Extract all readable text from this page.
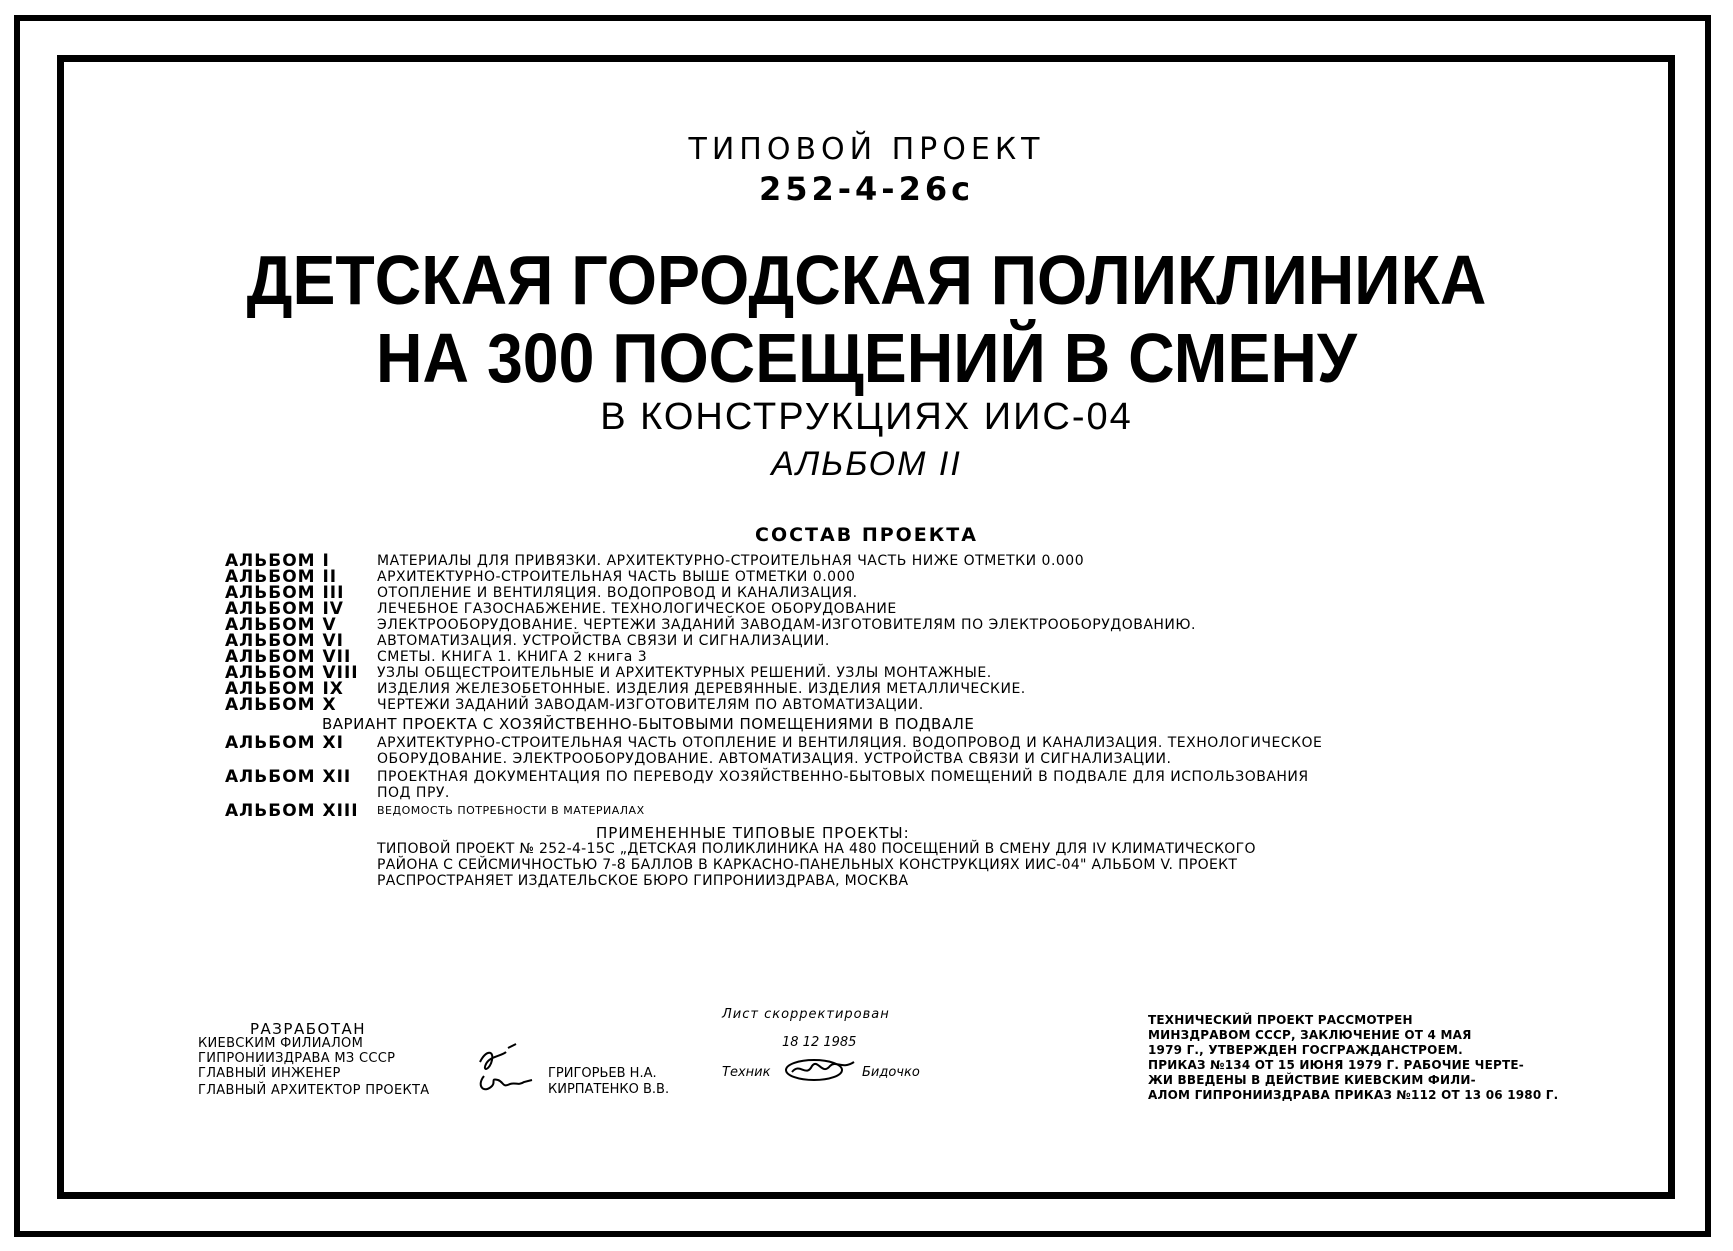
ТИПОВОЙ ПРОЕКТ
252-4-26с
ДЕТСКАЯ ГОРОДСКАЯ ПОЛИКЛИНИКА
НА 300 ПОСЕЩЕНИЙ В СМЕНУ
В КОНСТРУКЦИЯХ ИИС-04
АЛЬБОМ II
СОСТАВ ПРОЕКТА
АЛЬБОМ I	МАТЕРИАЛЫ ДЛЯ ПРИВЯЗКИ. АРХИТЕКТУРНО-СТРОИТЕЛЬНАЯ ЧАСТЬ НИЖЕ ОТМЕТКИ 0.000
АЛЬБОМ II	АРХИТЕКТУРНО-СТРОИТЕЛЬНАЯ ЧАСТЬ ВЫШЕ ОТМЕТКИ 0.000
АЛЬБОМ III	ОТОПЛЕНИЕ И ВЕНТИЛЯЦИЯ. ВОДОПРОВОД И КАНАЛИЗАЦИЯ.
АЛЬБОМ IV	ЛЕЧЕБНОЕ ГАЗОСНАБЖЕНИЕ. ТЕХНОЛОГИЧЕСКОЕ ОБОРУДОВАНИЕ
АЛЬБОМ V	ЭЛЕКТРООБОРУДОВАНИЕ. ЧЕРТЕЖИ ЗАДАНИЙ ЗАВОДАМ-ИЗГОТОВИТЕЛЯМ ПО ЭЛЕКТРООБОРУДОВАНИЮ.
АЛЬБОМ VI	АВТОМАТИЗАЦИЯ. УСТРОЙСТВА СВЯЗИ И СИГНАЛИЗАЦИИ.
АЛЬБОМ VII	СМЕТЫ. КНИГА 1. КНИГА 2 книга 3
АЛЬБОМ VIII	УЗЛЫ ОБЩЕСТРОИТЕЛЬНЫЕ И АРХИТЕКТУРНЫХ РЕШЕНИЙ. УЗЛЫ МОНТАЖНЫЕ.
АЛЬБОМ IX	ИЗДЕЛИЯ ЖЕЛЕЗОБЕТОННЫЕ. ИЗДЕЛИЯ ДЕРЕВЯННЫЕ. ИЗДЕЛИЯ МЕТАЛЛИЧЕСКИЕ.
АЛЬБОМ X	ЧЕРТЕЖИ ЗАДАНИЙ ЗАВОДАМ-ИЗГОТОВИТЕЛЯМ ПО АВТОМАТИЗАЦИИ.
ВАРИАНТ ПРОЕКТА С ХОЗЯЙСТВЕННО-БЫТОВЫМИ ПОМЕЩЕНИЯМИ В ПОДВАЛЕ
АЛЬБОМ XI	АРХИТЕКТУРНО-СТРОИТЕЛЬНАЯ ЧАСТЬ ОТОПЛЕНИЕ И ВЕНТИЛЯЦИЯ. ВОДОПРОВОД И КАНАЛИЗАЦИЯ. ТЕХНОЛОГИЧЕСКОЕ ОБОРУДОВАНИЕ. ЭЛЕКТРООБОРУДОВАНИЕ. АВТОМАТИЗАЦИЯ. УСТРОЙСТВА СВЯЗИ И СИГНАЛИЗАЦИИ.
АЛЬБОМ XII	ПРОЕКТНАЯ ДОКУМЕНТАЦИЯ ПО ПЕРЕВОДУ ХОЗЯЙСТВЕННО-БЫТОВЫХ ПОМЕЩЕНИЙ В ПОДВАЛЕ ДЛЯ ИСПОЛЬЗОВАНИЯ ПОД ПРУ.
АЛЬБОМ XIII	ВЕДОМОСТЬ ПОТРЕБНОСТИ В МАТЕРИАЛАХ
ПРИМЕНЕННЫЕ ТИПОВЫЕ ПРОЕКТЫ:
ТИПОВОЙ ПРОЕКТ № 252-4-15С „ДЕТСКАЯ ПОЛИКЛИНИКА НА 480 ПОСЕЩЕНИЙ В СМЕНУ ДЛЯ IV КЛИМАТИЧЕСКОГО РАЙОНА С СЕЙСМИЧНОСТЬЮ 7-8 БАЛЛОВ В КАРКАСНО-ПАНЕЛЬНЫХ КОНСТРУКЦИЯХ ИИС-04" АЛЬБОМ V. ПРОЕКТ РАСПРОСТРАНЯЕТ ИЗДАТЕЛЬСКОЕ БЮРО ГИПРОНИИЗДРАВА, МОСКВА
РАЗРАБОТАН
КИЕВСКИМ ФИЛИАЛОМ
ГИПРОНИИЗДРАВА МЗ СССР
ГЛАВНЫЙ ИНЖЕНЕР
ГЛАВНЫЙ АРХИТЕКТОР ПРОЕКТА
ГРИГОРЬЕВ Н.А.
КИРПАТЕНКО В.В.
Лист скорректирован
18 12 1985
Техник	Бидочко
ТЕХНИЧЕСКИЙ ПРОЕКТ РАССМОТРЕН
МИНЗДРАВОМ СССР, ЗАКЛЮЧЕНИЕ ОТ 4 МАЯ
1979 Г., УТВЕРЖДЕН ГОСГРАЖДАНСТРОЕМ.
ПРИКАЗ №134 ОТ 15 ИЮНЯ 1979 Г. РАБОЧИЕ ЧЕРТЕ-
ЖИ ВВЕДЕНЫ В ДЕЙСТВИЕ КИЕВСКИМ ФИЛИ-
АЛОМ ГИПРОНИИЗДРАВА ПРИКАЗ №112 ОТ 13 06 1980 Г.
